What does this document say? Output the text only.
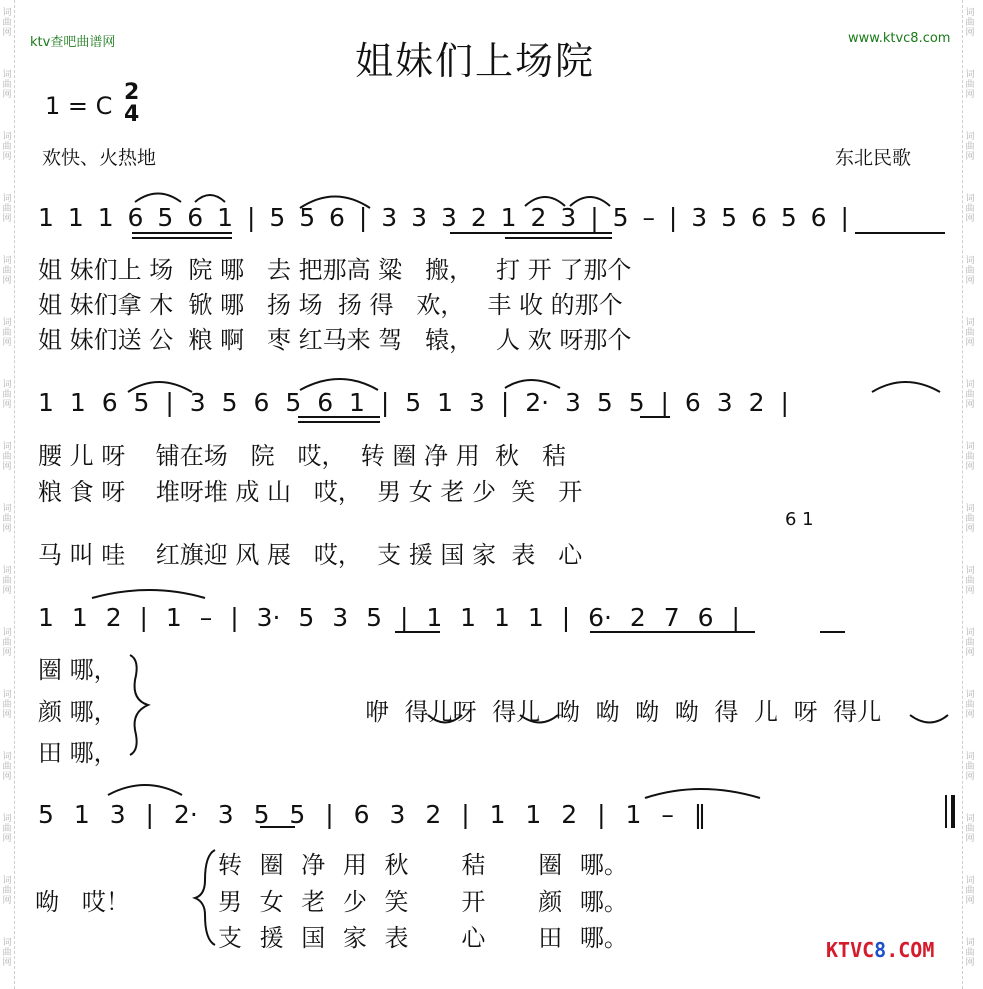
词
曲
网
词
曲
网
词
曲
网
词
曲
网
词
曲
网
词
曲
网
词
曲
网
词
曲
网
词
曲
网
词
曲
网
词
曲
网
词
曲
网
词
曲
网
词
曲
网
词
曲
网
词
曲
网
词
曲
网
词
曲
网
词
曲
网
词
曲
网
词
曲
网
词
曲
网
词
曲
网
词
曲
网
词
曲
网
词
曲
网
词
曲
网
词
曲
网
词
曲
网
词
曲
网
词
曲
网
词
曲
网
ktv查吧曲谱网	www.ktvc8.com
姐妹们上场院
1 = C 2
4
欢快、火热地	东北民歌
1 1 1 6 5 6 1 | 5 5 6 | 3 3 3 2 1 2 3 | 5 – | 3 5 6 5 6 |
1 1 6 5 | 3 5 6 5 6 1 | 5 1 3 | 2· 3 5 5 | 6 3 2 |
6 1
1 1 2 | 1 – | 3· 5 3 5 | 1 1 1 1 | 6· 2 7 6 |
5 1 3 | 2· 3 5 5 | 6 3 2 | 1 1 2 | 1 – ‖
姐 妹们上 场  院 哪   去 把那高 粱   搬，   打 开 了那个
姐 妹们拿 木  锨 哪   扬 场  扬 得   欢，   丰 收 的那个
姐 妹们送 公  粮 啊   枣 红马来 驾   辕，   人 欢 呀那个
腰 儿 呀    铺在场   院   哎，  转 圈 净 用  秋   秸
粮 食 呀    堆呀堆 成 山   哎，  男 女 老 少  笑   开
马 叫 哇    红旗迎 风 展   哎，  支 援 国 家  表   心
圈 哪，
颜 哪，
田 哪，
咿 得儿呀 得儿 呦 呦 呦 呦 得 儿 呀 得儿
呦   哎！
转 圈 净 用 秋   秸   圈 哪。
男 女 老 少 笑   开   颜 哪。
支 援 国 家 表   心   田 哪。	KTVC8.COM
